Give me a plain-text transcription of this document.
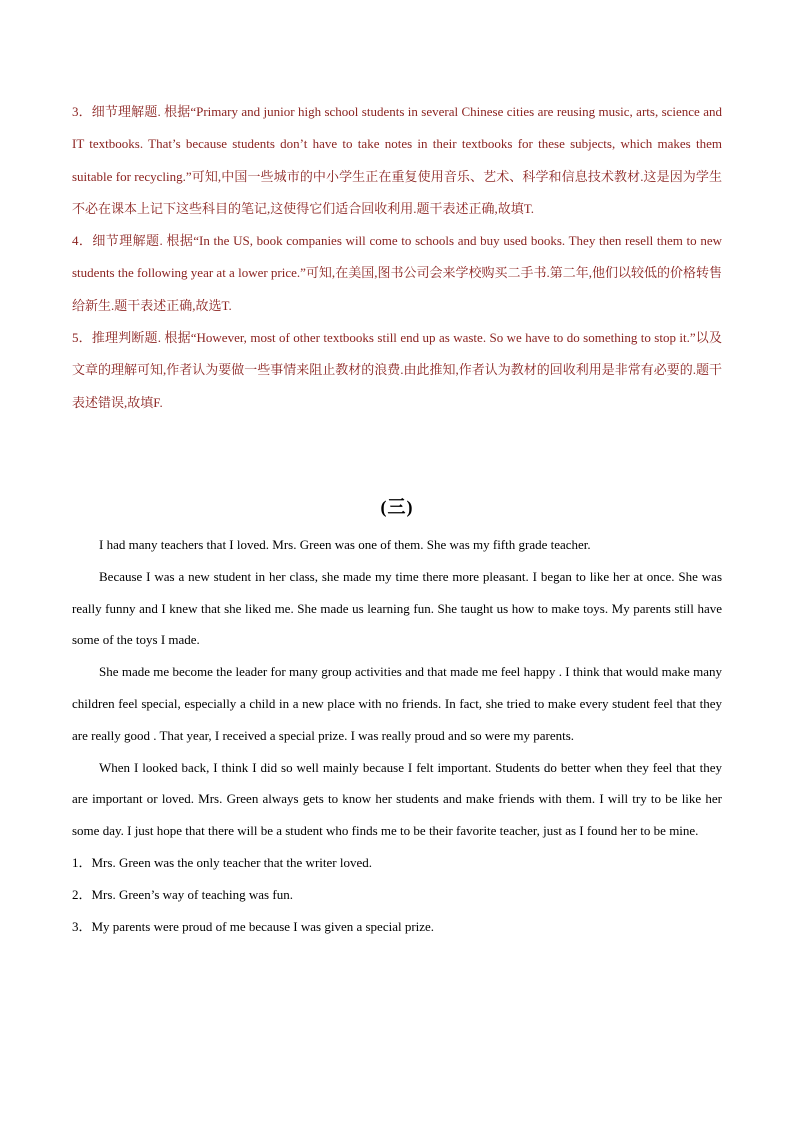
3．细节理解题. 根据“Primary and junior high school students in several Chinese cities are reusing music, arts, science and IT textbooks. That’s because students don’t have to take notes in their textbooks for these subjects, which makes them suitable for recycling.”可知,中国一些城市的中小学生正在重复使用音乐、艺术、科学和信息技术教材.这是因为学生不必在课本上记下这些科目的笔记,这使得它们适合回收利用.题干表述正确,故填T.

4．细节理解题. 根据“In the US, book companies will come to schools and buy used books. They then resell them to new students the following year at a lower price.”可知,在美国,图书公司会来学校购买二手书.第二年,他们以较低的价格转售给新生.题干表述正确,故选T.

5．推理判断题. 根据“However, most of other textbooks still end up as waste. So we have to do something to stop it.”以及文章的理解可知,作者认为要做一些事情来阻止教材的浪费.由此推知,作者认为教材的回收利用是非常有必要的.题干表述错误,故填F.

(三)

I had many teachers that I loved. Mrs. Green was one of them. She was my fifth grade teacher.

Because I was a new student in her class, she made my time there more pleasant. I began to like her at once. She was really funny and I knew that she liked me. She made us learning fun. She taught us how to make toys. My parents still have some of the toys I made.

She made me become the leader for many group activities and that made me feel happy . I think that would make many children feel special, especially a child in a new place with no friends. In fact, she tried to make every student feel that they are really good . That year, I received a special prize. I was really proud and so were my parents.

When I looked back, I think I did so well mainly because I felt important. Students do better when they feel that they are important or loved. Mrs. Green always gets to know her students and make friends with them. I will try to be like her some day. I just hope that there will be a student who finds me to be their favorite teacher, just as I found her to be mine.

1．Mrs. Green was the only teacher that the writer loved.

2．Mrs. Green’s way of teaching was fun.

3．My parents were proud of me because I was given a special prize.
